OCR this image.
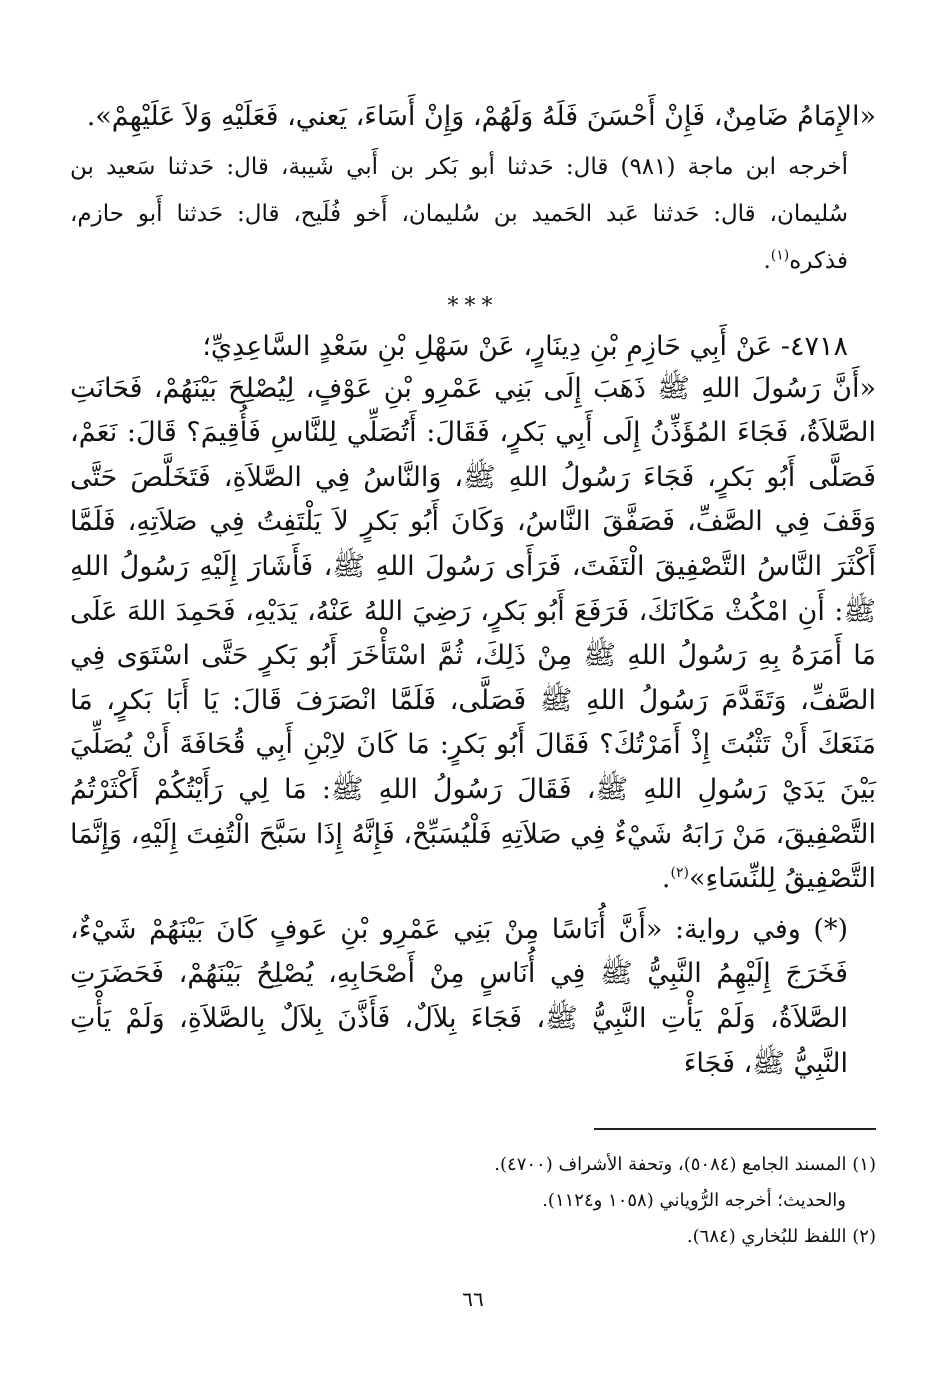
«الإِمَامُ ضَامِنٌ، فَإِنْ أَحْسَنَ فَلَهُ وَلَهُمْ، وَإِنْ أَسَاءَ، يَعني، فَعَلَيْهِ وَلاَ عَلَيْهِمْ».

أخرجه ابن ماجة (٩٨١) قال: حَدثنا أبو بَكر بن أَبي شَيبة، قال: حَدثنا سَعيد بن سُليمان، قال: حَدثنا عَبد الحَميد بن سُليمان، أَخو فُلَيح، قال: حَدثنا أَبو حازم، فذكره$^{(١)}$.

***

٤٧١٨- عَنْ أَبِي حَازِمِ بْنِ دِينَارٍ، عَنْ سَهْلِ بْنِ سَعْدٍ السَّاعِدِيِّ؛

«أَنَّ رَسُولَ اللهِ ﷺ ذَهَبَ إِلَى بَنِي عَمْرِو بْنِ عَوْفٍ، لِيُصْلِحَ بَيْنَهُمْ، فَحَانَتِ الصَّلاَةُ، فَجَاءَ المُؤَذِّنُ إِلَى أَبِي بَكرٍ، فَقَالَ: أَتُصَلِّي لِلنَّاسِ فَأُقِيمَ؟ قَالَ: نَعَمْ، فَصَلَّى أَبُو بَكرٍ، فَجَاءَ رَسُولُ اللهِ ﷺ، وَالنَّاسُ فِي الصَّلاَةِ، فَتَخَلَّصَ حَتَّى وَقَفَ فِي الصَّفِّ، فَصَفَّقَ النَّاسُ، وَكَانَ أَبُو بَكرٍ لاَ يَلْتَفِتُ فِي صَلاَتِهِ، فَلَمَّا أَكْثَرَ النَّاسُ التَّصْفِيقَ الْتَفَتَ، فَرَأَى رَسُولَ اللهِ ﷺ، فَأَشَارَ إِلَيْهِ رَسُولُ اللهِ ﷺ: أَنِ امْكُثْ مَكَانَكَ، فَرَفَعَ أَبُو بَكرٍ، رَضِيَ اللهُ عَنْهُ، يَدَيْهِ، فَحَمِدَ اللهَ عَلَى مَا أَمَرَهُ بِهِ رَسُولُ اللهِ ﷺ مِنْ ذَلِكَ، ثُمَّ اسْتَأْخَرَ أَبُو بَكرٍ حَتَّى اسْتَوَى فِي الصَّفِّ، وَتَقَدَّمَ رَسُولُ اللهِ ﷺ فَصَلَّى، فَلَمَّا انْصَرَفَ قَالَ: يَا أَبَا بَكرٍ، مَا مَنَعَكَ أَنْ تَثْبُتَ إِذْ أَمَرْتُكَ؟ فَقَالَ أَبُو بَكرٍ: مَا كَانَ لاِبْنِ أَبِي قُحَافَةَ أَنْ يُصَلِّيَ بَيْنَ يَدَيْ رَسُولِ اللهِ ﷺ، فَقَالَ رَسُولُ اللهِ ﷺ: مَا لِي رَأَيْتُكُمْ أَكْثَرْتُمُ التَّصْفِيقَ، مَنْ رَابَهُ شَيْءٌ فِي صَلاَتِهِ فَلْيُسَبِّحْ، فَإِنَّهُ إِذَا سَبَّحَ الْتُفِتَ إِلَيْهِ، وَإِنَّمَا التَّصْفِيقُ لِلنِّسَاءِ»$^{(٢)}$.

(*) وفي رواية: «أَنَّ أُنَاسًا مِنْ بَنِي عَمْرِو بْنِ عَوفٍ كَانَ بَيْنَهُمْ شَيْءٌ، فَخَرَجَ إِلَيْهِمُ النَّبِيُّ ﷺ فِي أُنَاسٍ مِنْ أَصْحَابِهِ، يُصْلِحُ بَيْنَهُمْ، فَحَضَرَتِ الصَّلاَةُ، وَلَمْ يَأْتِ النَّبِيُّ ﷺ، فَجَاءَ بِلاَلٌ، فَأَذَّنَ بِلاَلٌ بِالصَّلاَةِ، وَلَمْ يَأْتِ النَّبِيُّ ﷺ، فَجَاءَ

(١) المسند الجامع (٥٠٨٤)، وتحفة الأشراف (٤٧٠٠).

والحديث؛ أخرجه الرُّوياني (١٠٥٨ و١١٢٤).

(٢) اللفظ للبُخاري (٦٨٤).

٦٦
